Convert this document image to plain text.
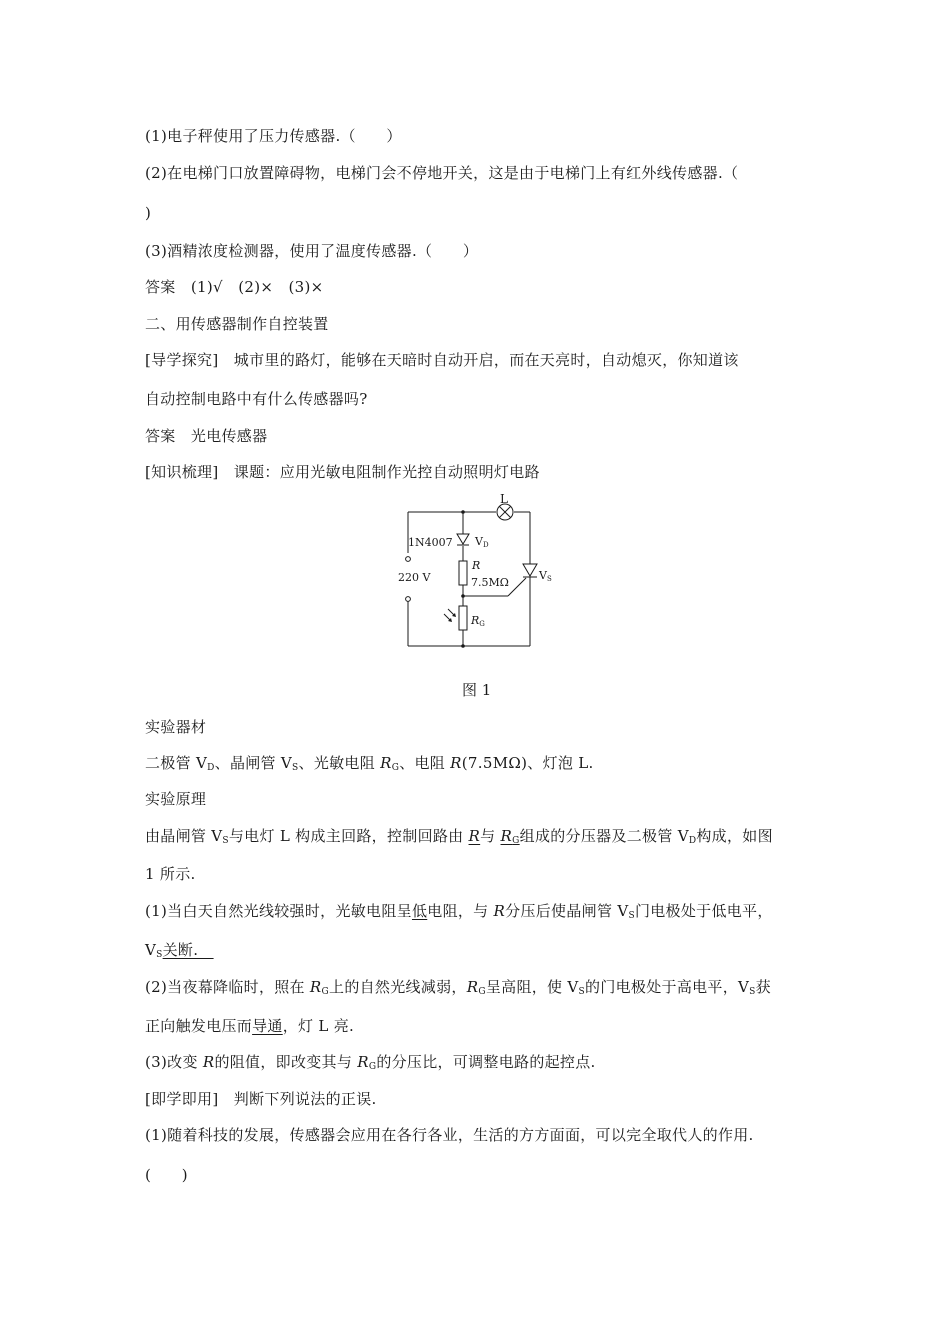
(1)电子秤使用了压力传感器.（　　）
(2)在电梯门口放置障碍物，电梯门会不停地开关，这是由于电梯门上有红外线传感器.（
)
(3)酒精浓度检测器，使用了温度传感器.（　　）
答案　(1)√　(2)×　(3)×
二、用传感器制作自控装置
[导学探究]　城市里的路灯，能够在天暗时自动开启，而在天亮时，自动熄灭，你知道该
自动控制电路中有什么传感器吗?
答案　光电传感器
[知识梳理]　课题：应用光敏电阻制作光控自动照明灯电路
L
1N4007 VD
220 V
R
7.5MΩ
VS
RG
图 1
实验器材
二极管 $V_D$、晶闸管 $V_S$、光敏电阻 $R_G$、电阻 R(7.5MΩ)、灯泡 L.
实验原理
由晶闸管 $V_S$与电灯 L 构成主回路，控制回路由 R与 $R_G$组成的分压器及二极管 $V_D$构成，如图
1 所示.
(1)当白天自然光线较强时，光敏电阻呈低电阻，与 R分压后使晶闸管 $V_S$门电极处于低电平，
$V_S$关断.　
(2)当夜幕降临时，照在 $R_G$上的自然光线减弱，$R_G$呈高阻，使 $V_S$的门电极处于高电平，$V_S$获
正向触发电压而导通，灯 L 亮.
(3)改变 R的阻值，即改变其与 $R_G$的分压比，可调整电路的起控点.
[即学即用]　判断下列说法的正误.
(1)随着科技的发展，传感器会应用在各行各业，生活的方方面面，可以完全取代人的作用.
(　　)
